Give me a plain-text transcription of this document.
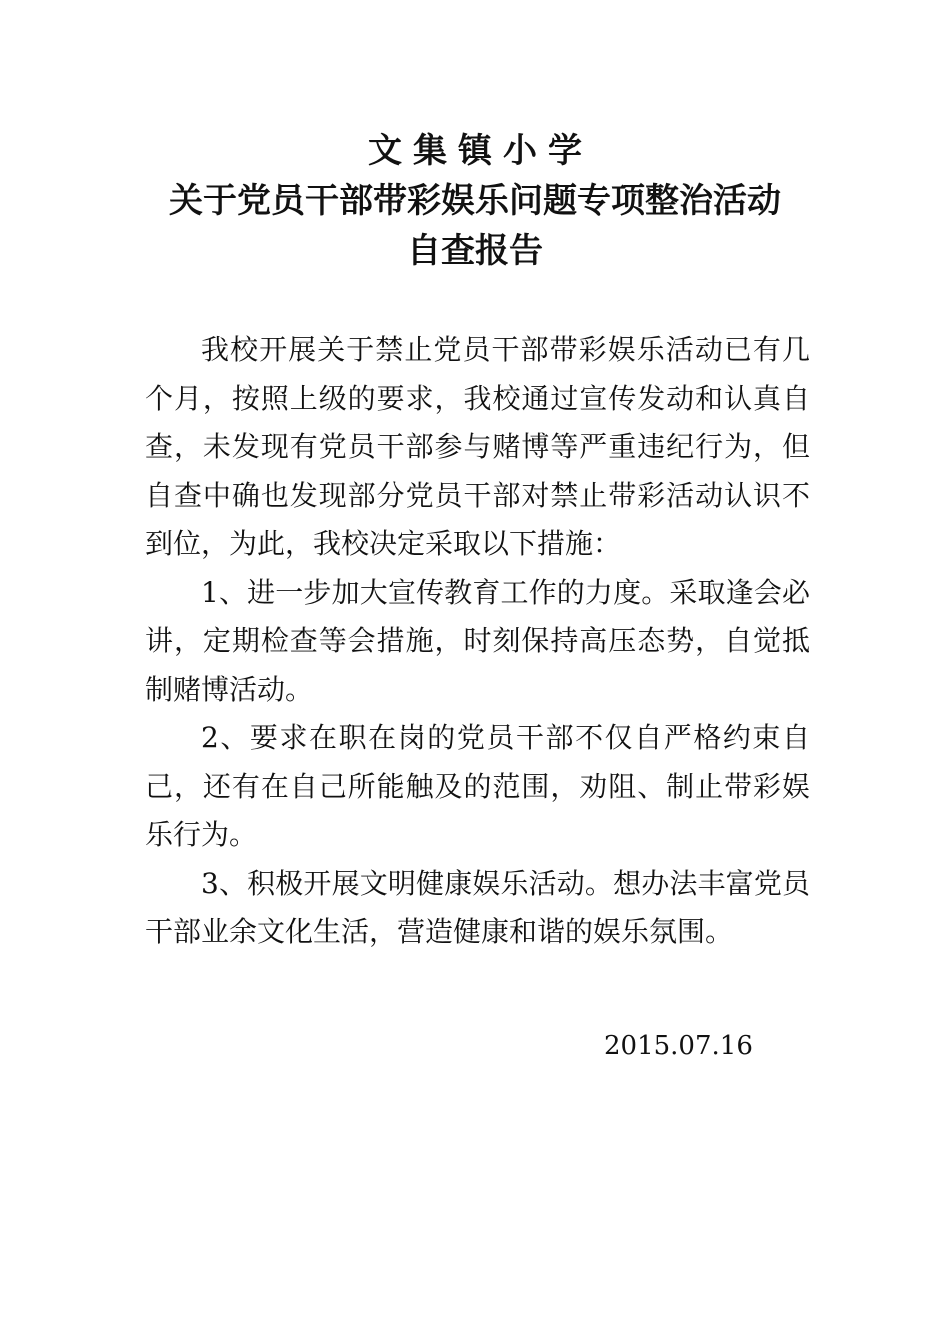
文集镇小学
关于党员干部带彩娱乐问题专项整治活动
自查报告

我校开展关于禁止党员干部带彩娱乐活动已有几个月，按照上级的要求，我校通过宣传发动和认真自查，未发现有党员干部参与赌博等严重违纪行为，但自查中确也发现部分党员干部对禁止带彩活动认识不到位，为此，我校决定采取以下措施：

1、进一步加大宣传教育工作的力度。采取逢会必讲，定期检查等会措施，时刻保持高压态势，自觉抵制赌博活动。

2、要求在职在岗的党员干部不仅自严格约束自己，还有在自己所能触及的范围，劝阻、制止带彩娱乐行为。

3、积极开展文明健康娱乐活动。想办法丰富党员干部业余文化生活，营造健康和谐的娱乐氛围。

2015.07.16
